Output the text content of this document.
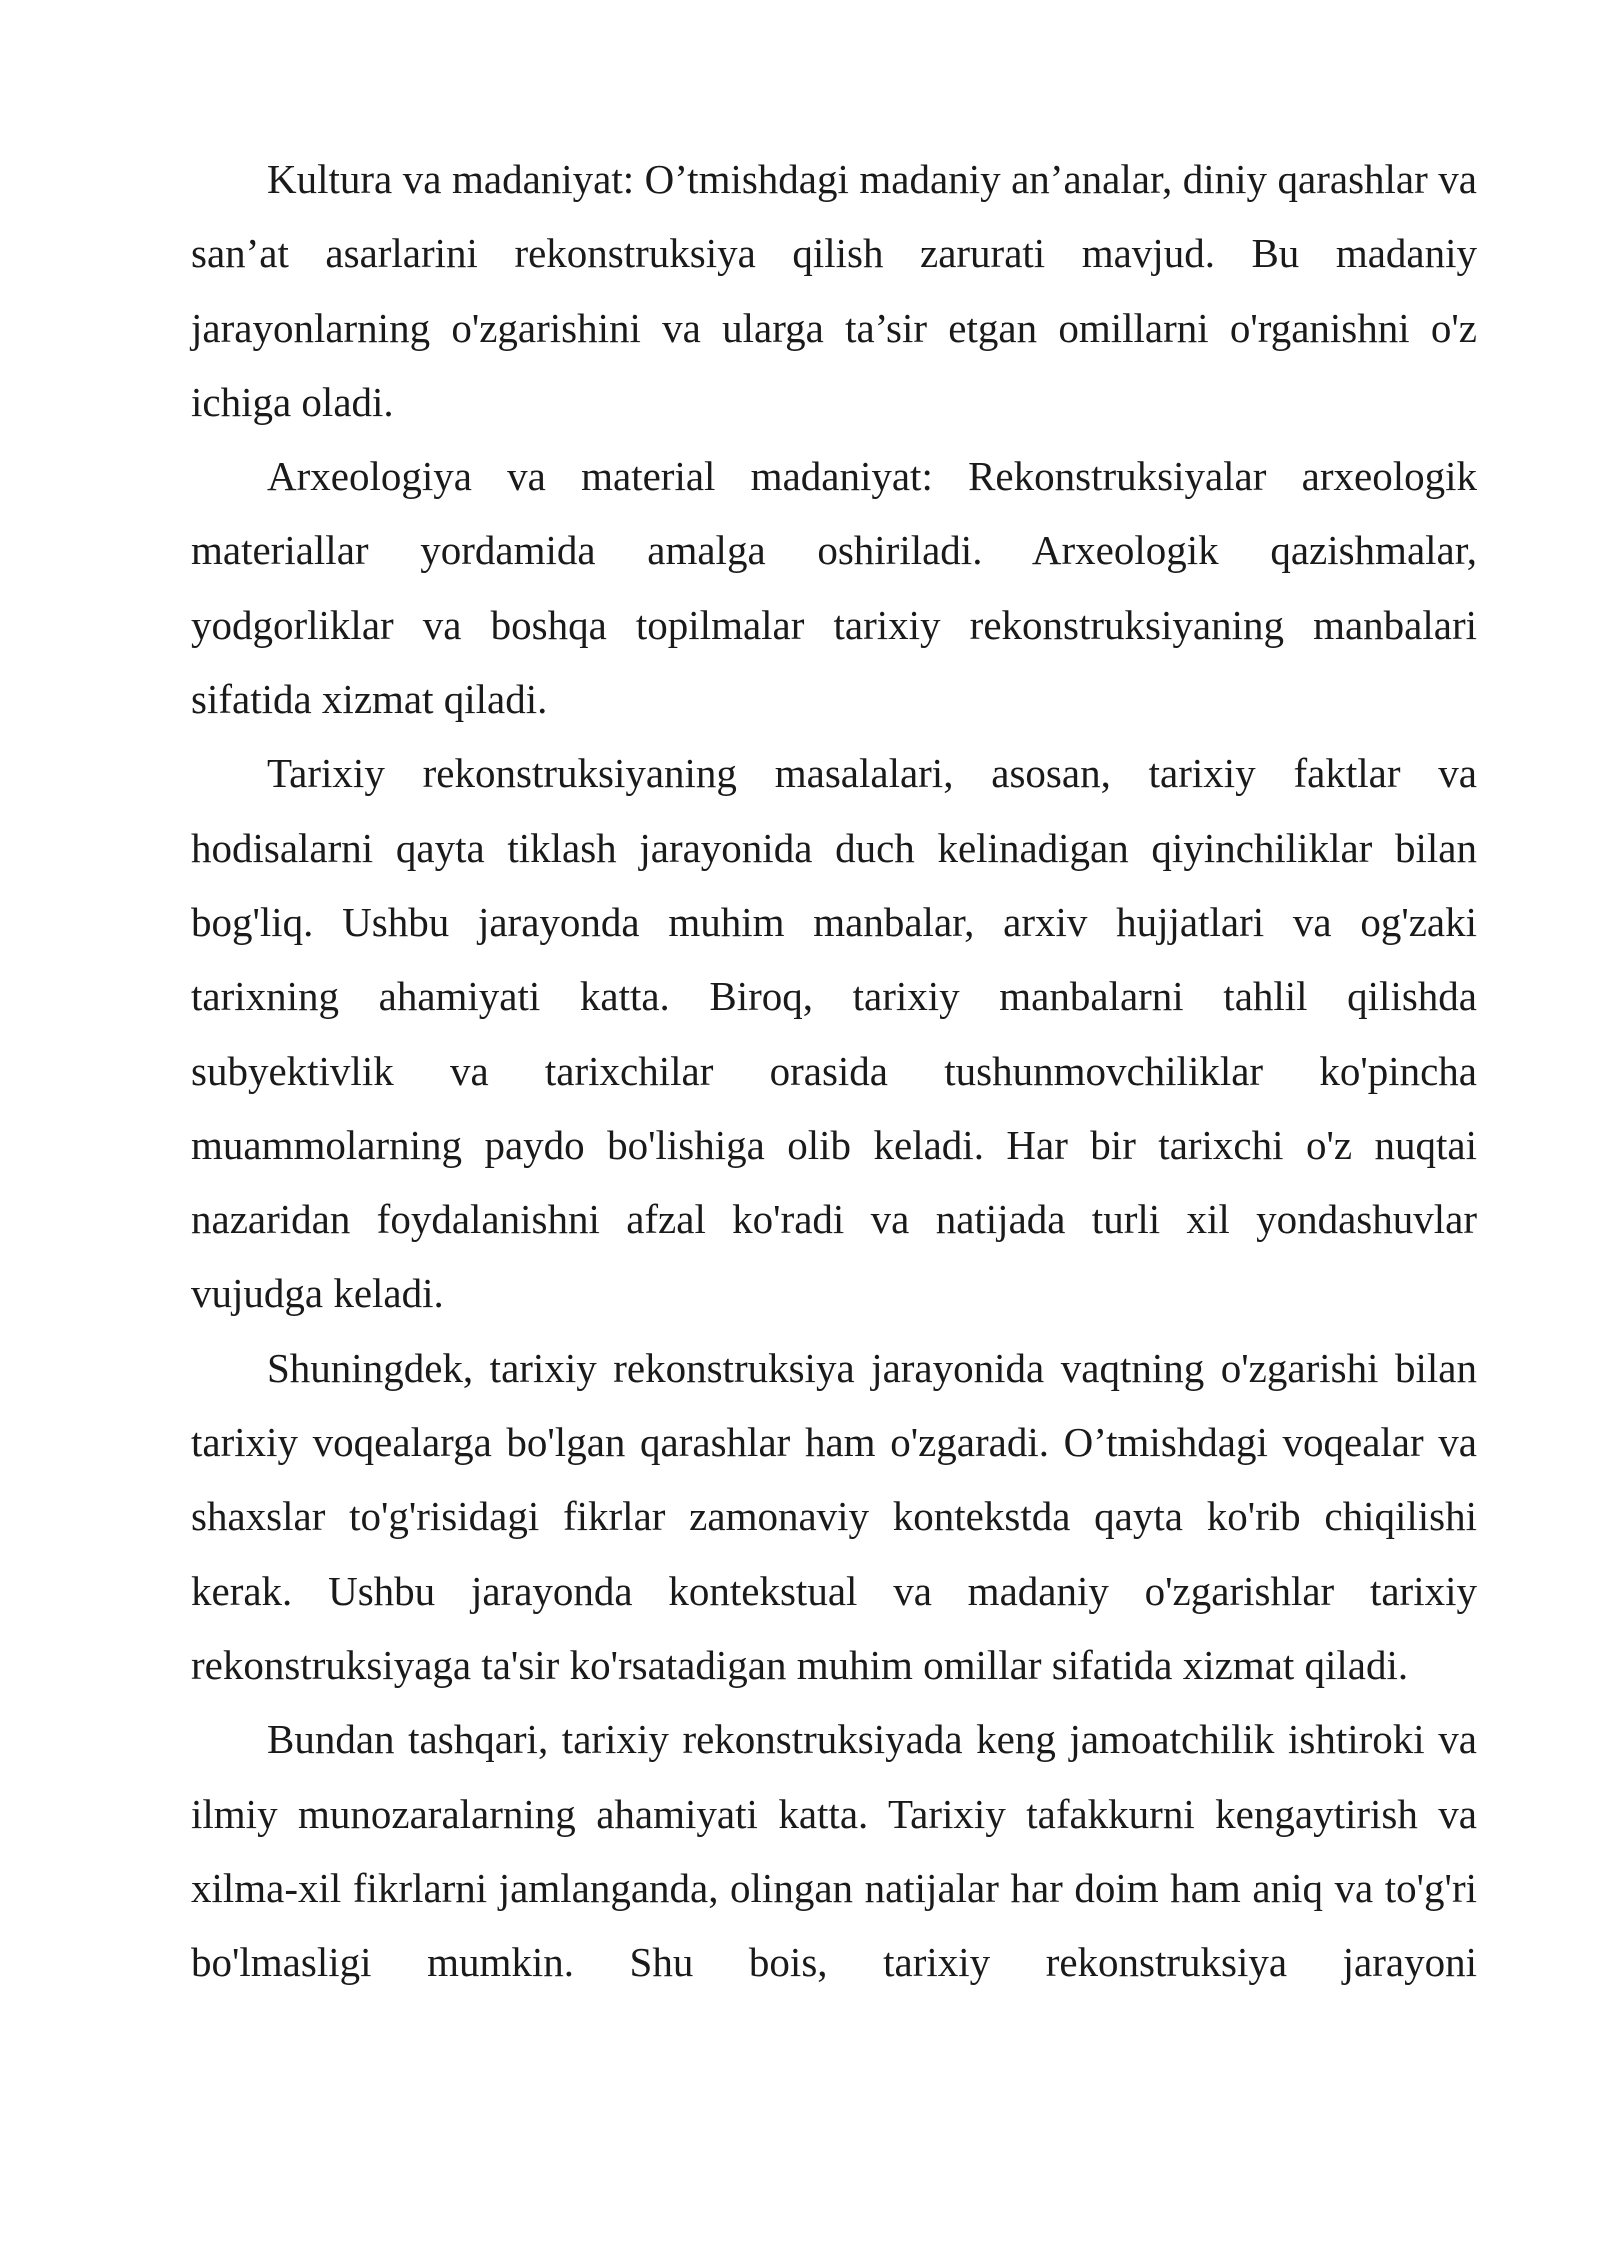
Kultura va madaniyat: O’tmishdagi madaniy an’analar, diniy qarashlar va san’at asarlarini rekonstruksiya qilish zarurati mavjud. Bu madaniy jarayonlarning o'zgarishini va ularga ta’sir etgan omillarni o'rganishni o'z ichiga oladi.

Arxeologiya va material madaniyat: Rekonstruksiyalar arxeologik materiallar yordamida amalga oshiriladi. Arxeologik qazishmalar, yodgorliklar va boshqa topilmalar tarixiy rekonstruksiyaning manbalari sifatida xizmat qiladi.

Tarixiy rekonstruksiyaning masalalari, asosan, tarixiy faktlar va hodisalarni qayta tiklash jarayonida duch kelinadigan qiyinchiliklar bilan bog'liq. Ushbu jarayonda muhim manbalar, arxiv hujjatlari va og'zaki tarixning ahamiyati katta. Biroq, tarixiy manbalarni tahlil qilishda subyektivlik va tarixchilar orasida tushunmovchiliklar ko'pincha muammolarning paydo bo'lishiga olib keladi. Har bir tarixchi o'z nuqtai nazaridan foydalanishni afzal ko'radi va natijada turli xil yondashuvlar vujudga keladi.

Shuningdek, tarixiy rekonstruksiya jarayonida vaqtning o'zgarishi bilan tarixiy voqealarga bo'lgan qarashlar ham o'zgaradi. O’tmishdagi voqealar va shaxslar to'g'risidagi fikrlar zamonaviy kontekstda qayta ko'rib chiqilishi kerak. Ushbu jarayonda kontekstual va madaniy o'zgarishlar tarixiy rekonstruksiyaga ta'sir ko'rsatadigan muhim omillar sifatida xizmat qiladi.

Bundan tashqari, tarixiy rekonstruksiyada keng jamoatchilik ishtiroki va ilmiy munozaralarning ahamiyati katta. Tarixiy tafakkurni kengaytirish va xilma-xil fikrlarni jamlanganda, olingan natijalar har doim ham aniq va to'g'ri bo'lmasligi mumkin. Shu bois, tarixiy rekonstruksiya jarayoni
